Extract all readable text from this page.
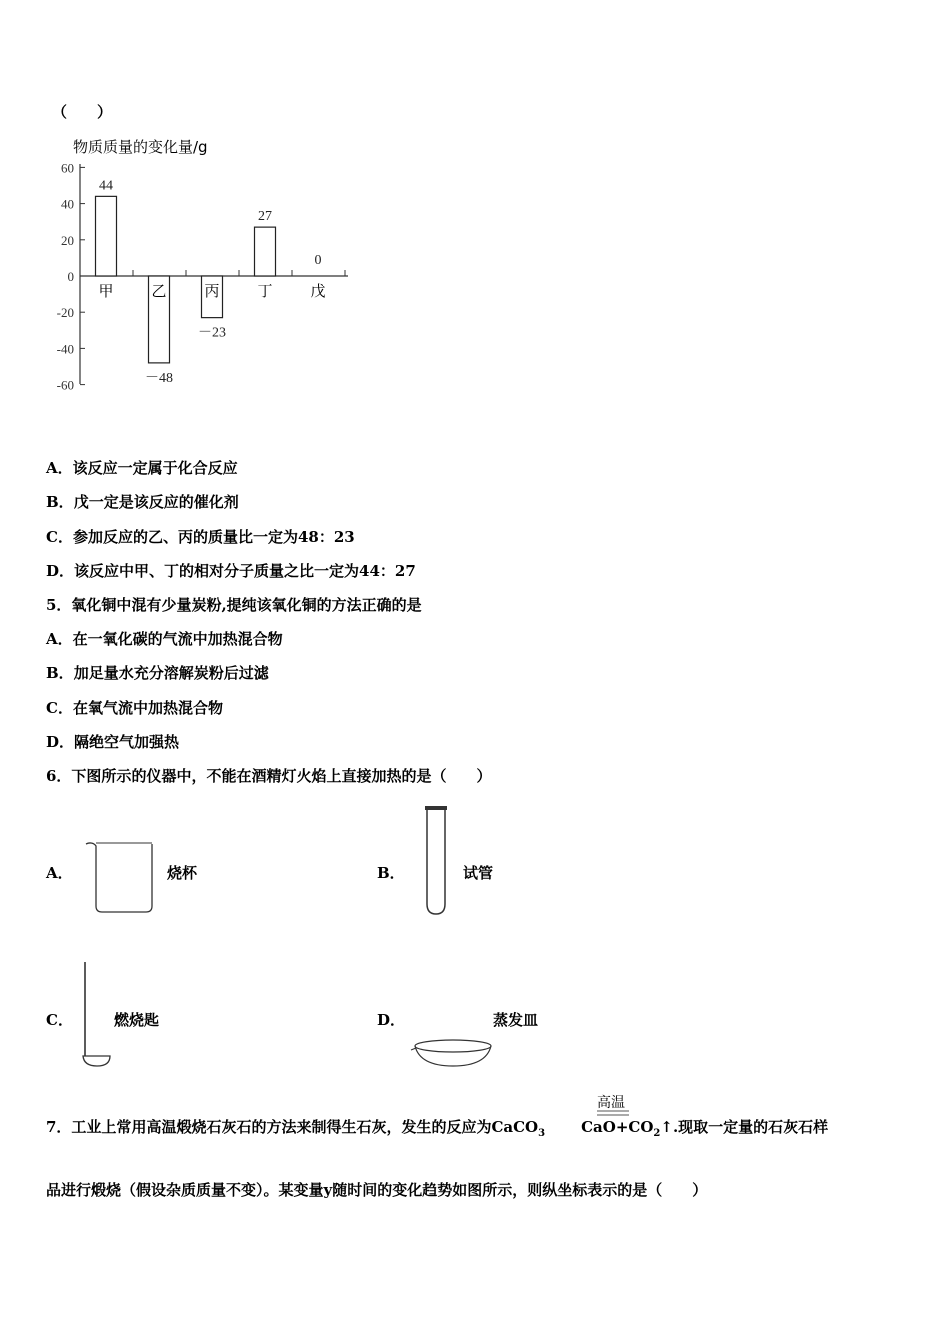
（　　）
物质质量的变化量/g
60
40
20
0
-20
-40
-60
甲
44
乙
－48
丙
－23
丁
27
戊
0
A．该反应一定属于化合反应
B．戊一定是该反应的催化剂
C．参加反应的乙、丙的质量比一定为48：23
D．该反应中甲、丁的相对分子质量之比一定为44：27
5．氧化铜中混有少量炭粉,提纯该氧化铜的方法正确的是
A．在一氧化碳的气流中加热混合物
B．加足量水充分溶解炭粉后过滤
C．在氧气流中加热混合物
D．隔绝空气加强热
6．下图所示的仪器中，不能在酒精灯火焰上直接加热的是（　　）
A．	烧杯	B．	试管
C．	燃烧匙	D．	蒸发皿
7．工业上常用高温煅烧石灰石的方法来制得生石灰，发生的反应为CaCO$_3$ $CaO+CO_2↑$.现取一定量的石灰石样
高温
品进行煅烧（假设杂质质量不变）。某变量y随时间的变化趋势如图所示，则纵坐标表示的是（　　）
